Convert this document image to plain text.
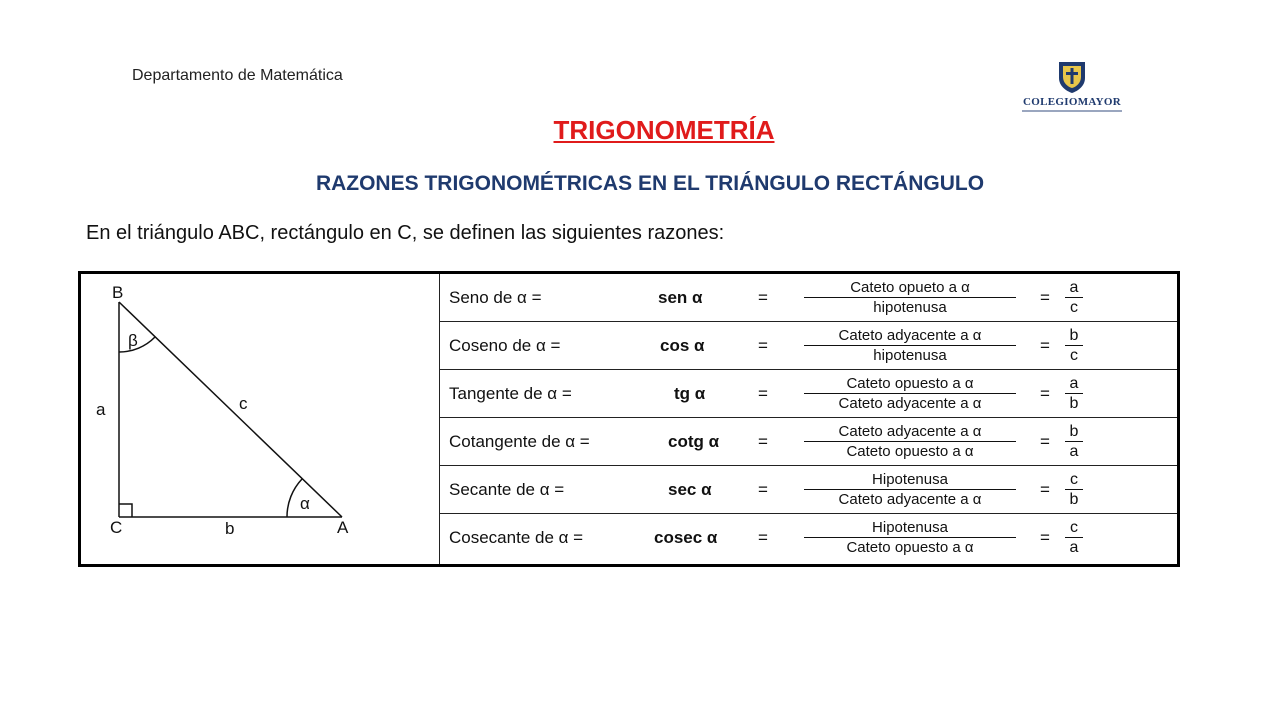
Departamento de Matemática
COLEGIOMAYOR
TRIGONOMETRÍA
RAZONES TRIGONOMÉTRICAS EN EL TRIÁNGULO RECTÁNGULO
En el triángulo ABC, rectángulo en C, se definen las siguientes razones:
B
C	A
a
b
c
β
α
Seno de α =	sen α	=
Cateto opueto a α
hipotenusa
= $\frac{a}{c}$
Coseno de α =	cos α	=
Cateto adyacente a α
hipotenusa
= $\frac{b}{c}$
Tangente de α =	tg α	=
Cateto opuesto a α
Cateto adyacente a α
= $\frac{a}{b}$
Cotangente de α =	cotg α =
Cateto adyacente a α
Cateto opuesto a α
= $\frac{b}{a}$
Secante de α =	sec α	=
Hipotenusa
Cateto adyacente a α
= $\frac{c}{b}$
Cosecante de α =	cosec α =
Hipotenusa
Cateto opuesto a α
= $\frac{c}{a}$
